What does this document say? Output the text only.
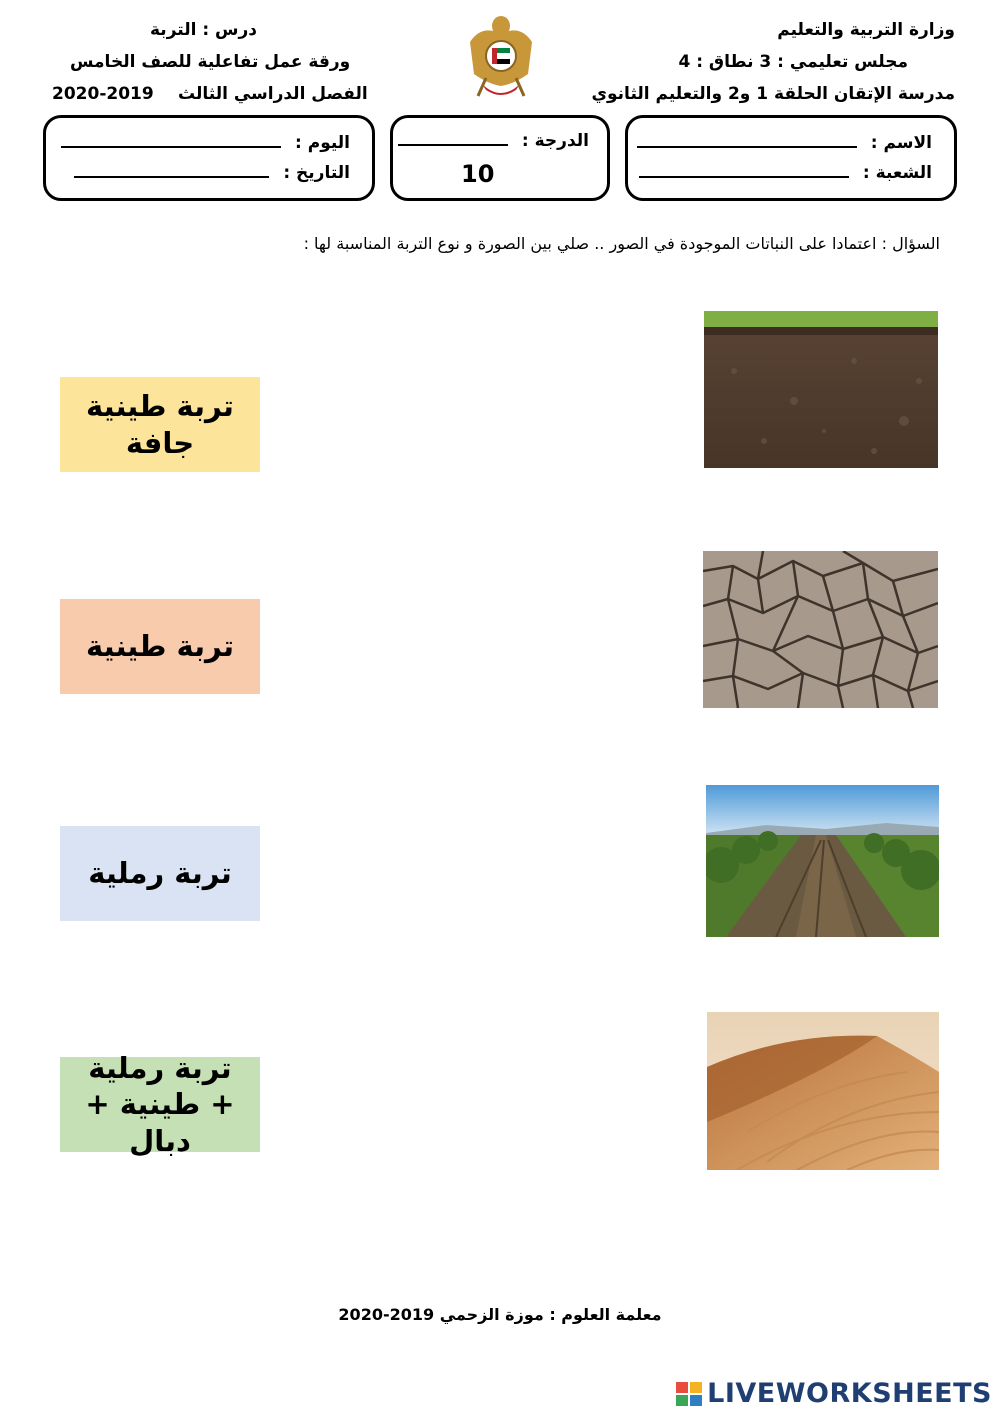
وزارة التربية والتعليم
مجلس تعليمي : 3 نطاق : 4
مدرسة الإتقان الحلقة 1 و2 والتعليم الثانوي
درس : التربة
ورقة عمل تفاعلية للصف الخامس
الفصل الدراسي الثالث
2020-2019
الاسم :
الشعبة :
الدرجة :
10
اليوم :
التاريخ :
السؤال : اعتمادا على النباتات الموجودة في الصور .. صلي بين الصورة و نوع التربة المناسبة لها :
تربة طينية جافة
تربة طينية
تربة رملية
تربة رملية + طينية + دبال
معلمة العلوم : موزة الزحمي 2019-2020
LIVEWORKSHEETS
